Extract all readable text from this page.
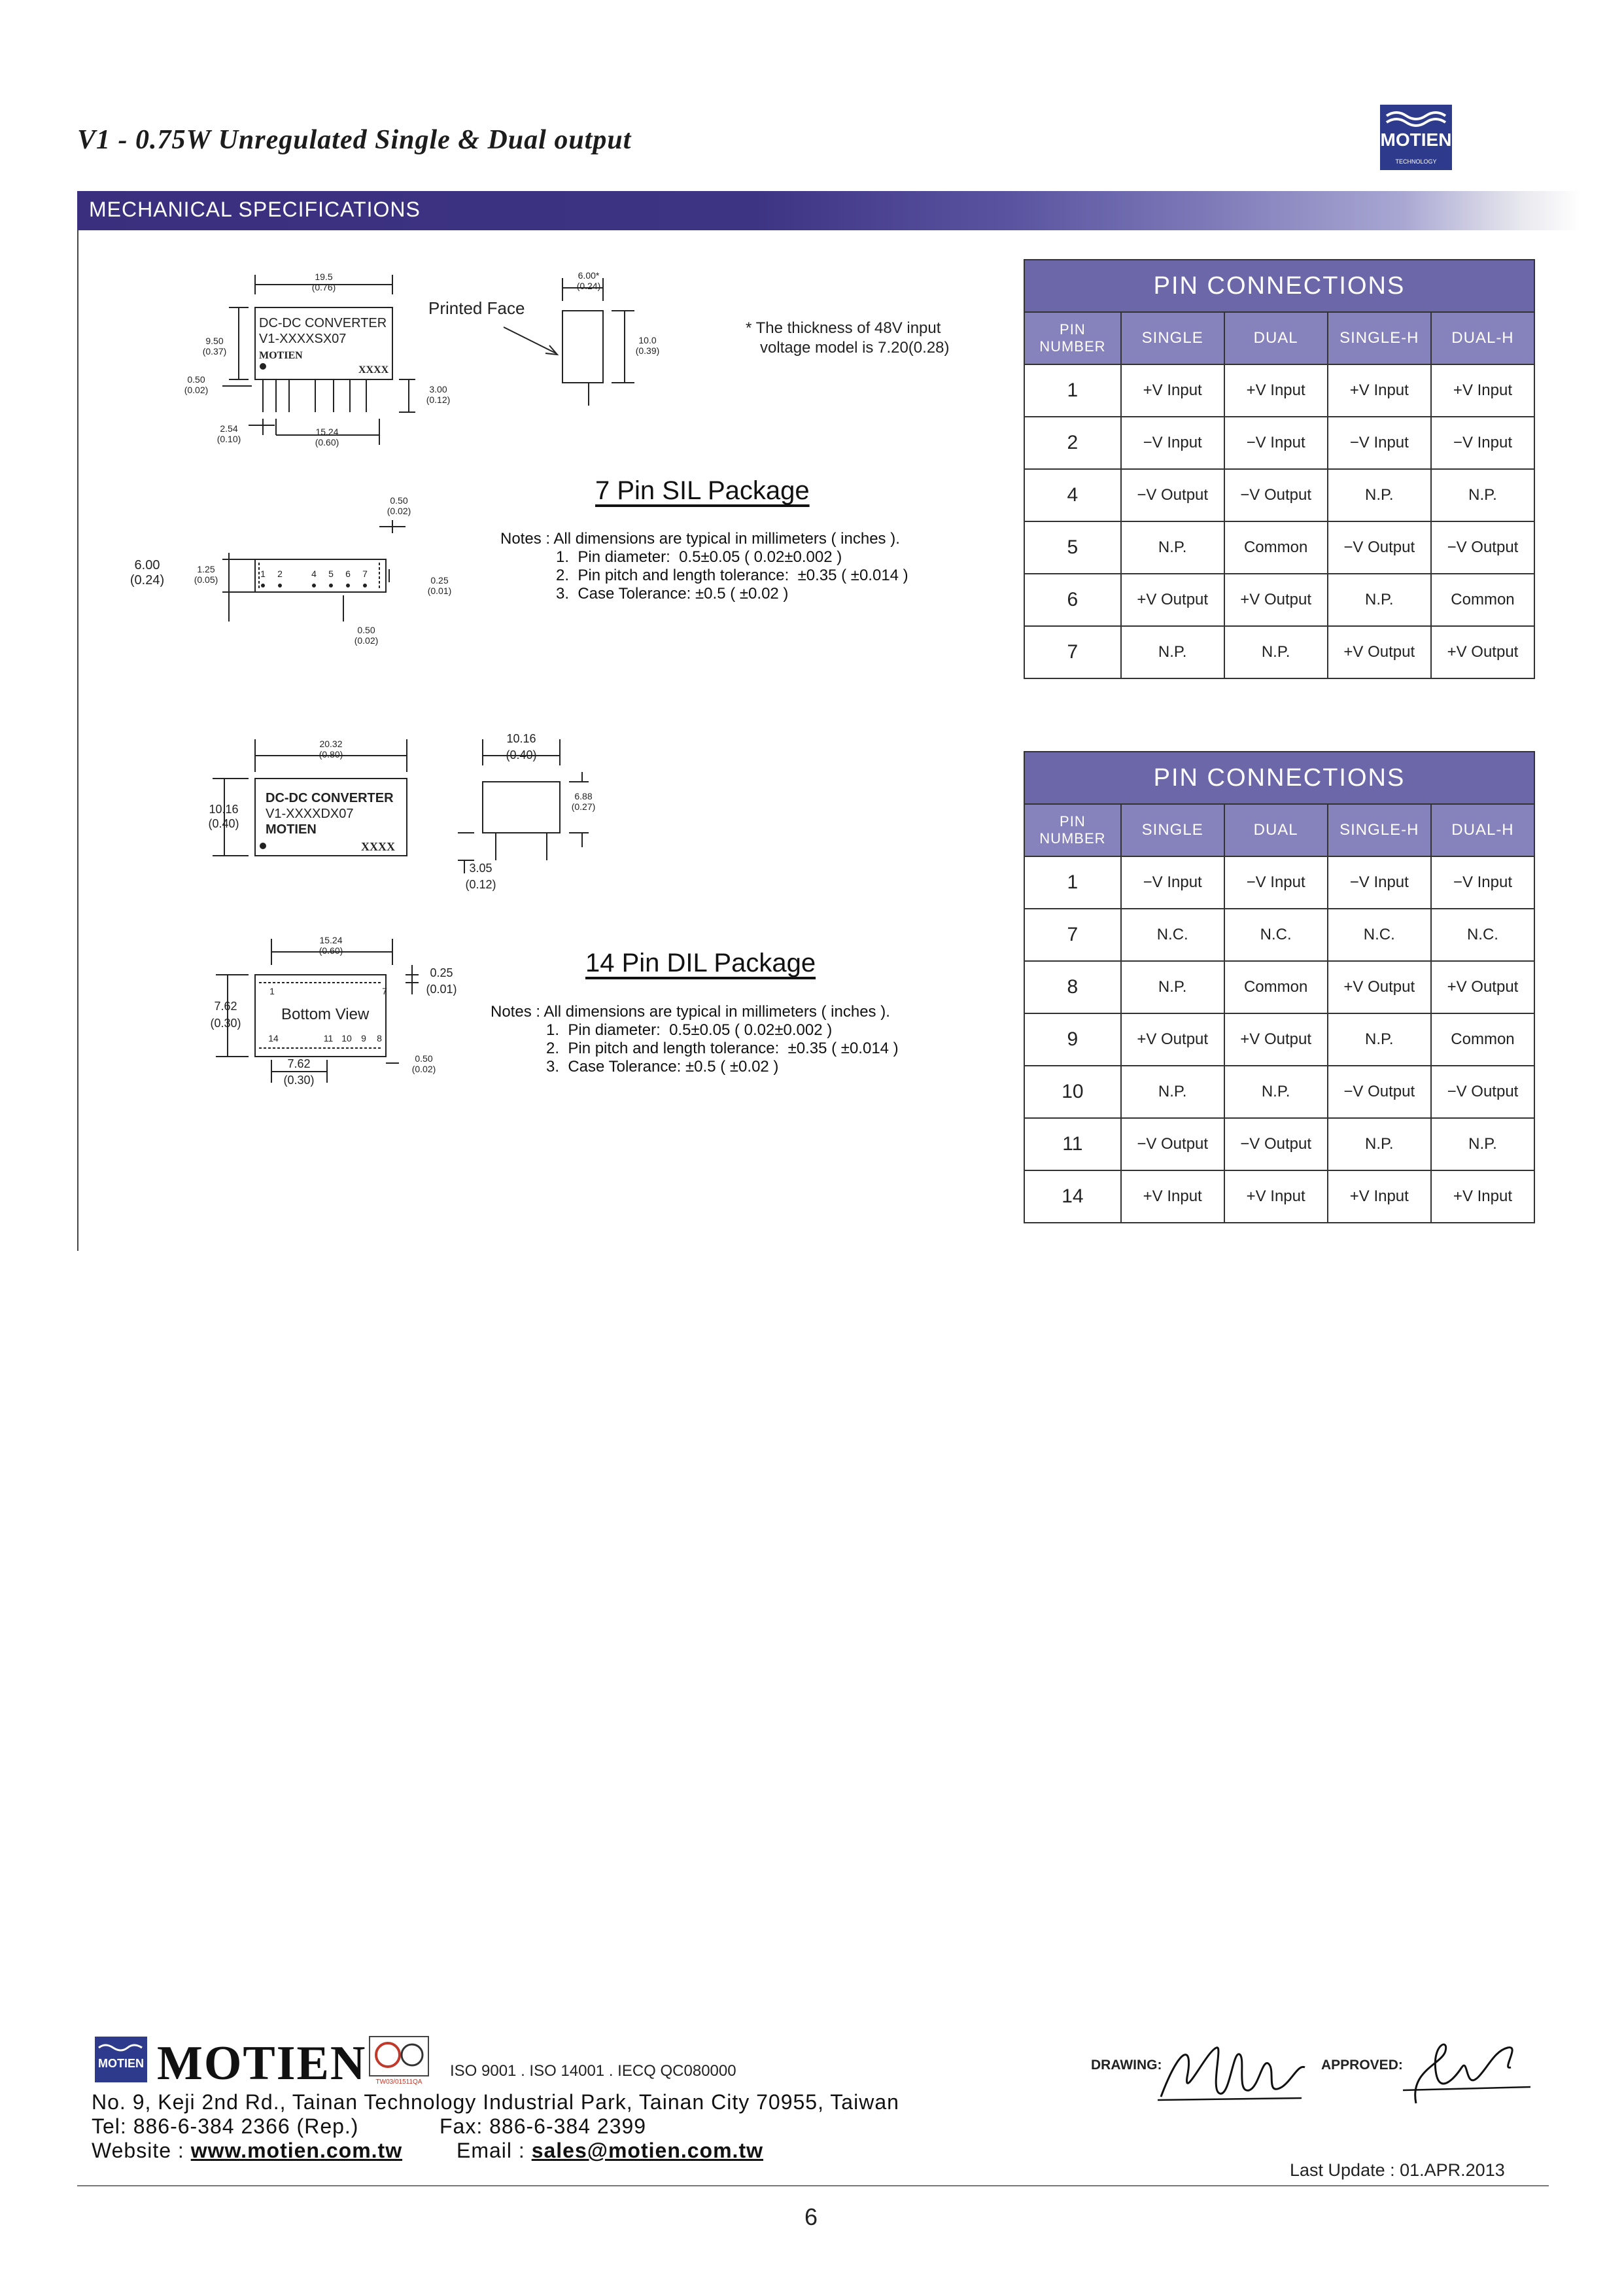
V1 - 0.75W Unregulated Single & Dual output	MOTIEN
TECHNOLOGY
MECHANICAL SPECIFICATIONS
19.5
(0.76)
9.50
(0.37)
0.50
(0.02)
2.54
(0.10)
15.24
(0.60)
3.00
(0.12)
6.00*
(0.24)
10.0
(0.39)
0.50
(0.02)
6.00
(0.24)
1.25
(0.05)	0.25
(0.01)
0.50
(0.02)
DC-DC CONVERTER
V1-XXXXSX07
MOTIEN
XXXX
Printed Face
1 2	4 5 6 7
* The thickness of 48V input
voltage model is 7.20(0.28)
7 Pin SIL Package
Notes : All dimensions are typical in millimeters ( inches ).
1.  Pin diameter:  0.5±0.05 ( 0.02±0.002 )
2.  Pin pitch and length tolerance:  ±0.35 ( ±0.014 )
3.  Case Tolerance: ±0.5 ( ±0.02 )
20.32
(0.80)
10.16
(0.40)
10.16
(0.40)
6.88
(0.27)
3.05
(0.12)
15.24
(0.60)
7.62
(0.30)
0.25
(0.01)
7.62
(0.30)
0.50
(0.02)
DC-DC CONVERTER
V1-XXXXDX07
MOTIEN
XXXX
Bottom View
1	7
14	11 10 9 8
14 Pin DIL Package
Notes : All dimensions are typical in millimeters ( inches ).
1.  Pin diameter:  0.5±0.05 ( 0.02±0.002 )
2.  Pin pitch and length tolerance:  ±0.35 ( ±0.014 )
3.  Case Tolerance: ±0.5 ( ±0.02 )
PIN CONNECTIONS				
PIN NUMBER	SINGLE	DUAL	SINGLE-H	DUAL-H
1	+V Input	+V Input	+V Input	+V Input
2	−V Input	−V Input	−V Input	−V Input
4	−V Output	−V Output	N.P.	N.P.
5	N.P.	Common	−V Output	−V Output
6	+V Output	+V Output	N.P.	Common
7	N.P.	N.P.	+V Output	+V Output
PIN CONNECTIONS				
PIN NUMBER	SINGLE	DUAL	SINGLE-H	DUAL-H
1	−V Input	−V Input	−V Input	−V Input
7	N.C.	N.C.	N.C.	N.C.
8	N.P.	Common	+V Output	+V Output
9	+V Output	+V Output	N.P.	Common
10	N.P.	N.P.	−V Output	−V Output
11	−V Output	−V Output	N.P.	N.P.
14	+V Input	+V Input	+V Input	+V Input
MOTIEN MOTIEN TW03/01511QA
ISO 9001 . ISO 14001 . IECQ QC080000
No. 9, Keji 2nd Rd., Tainan Technology Industrial Park, Tainan City 70955, Taiwan
Tel: 886-6-384 2366 (Rep.)	Fax: 886-6-384 2399
Website : www.motien.com.tw	Email : sales@motien.com.tw
DRAWING:	APPROVED:
Last Update : 01.APR.2013
6
